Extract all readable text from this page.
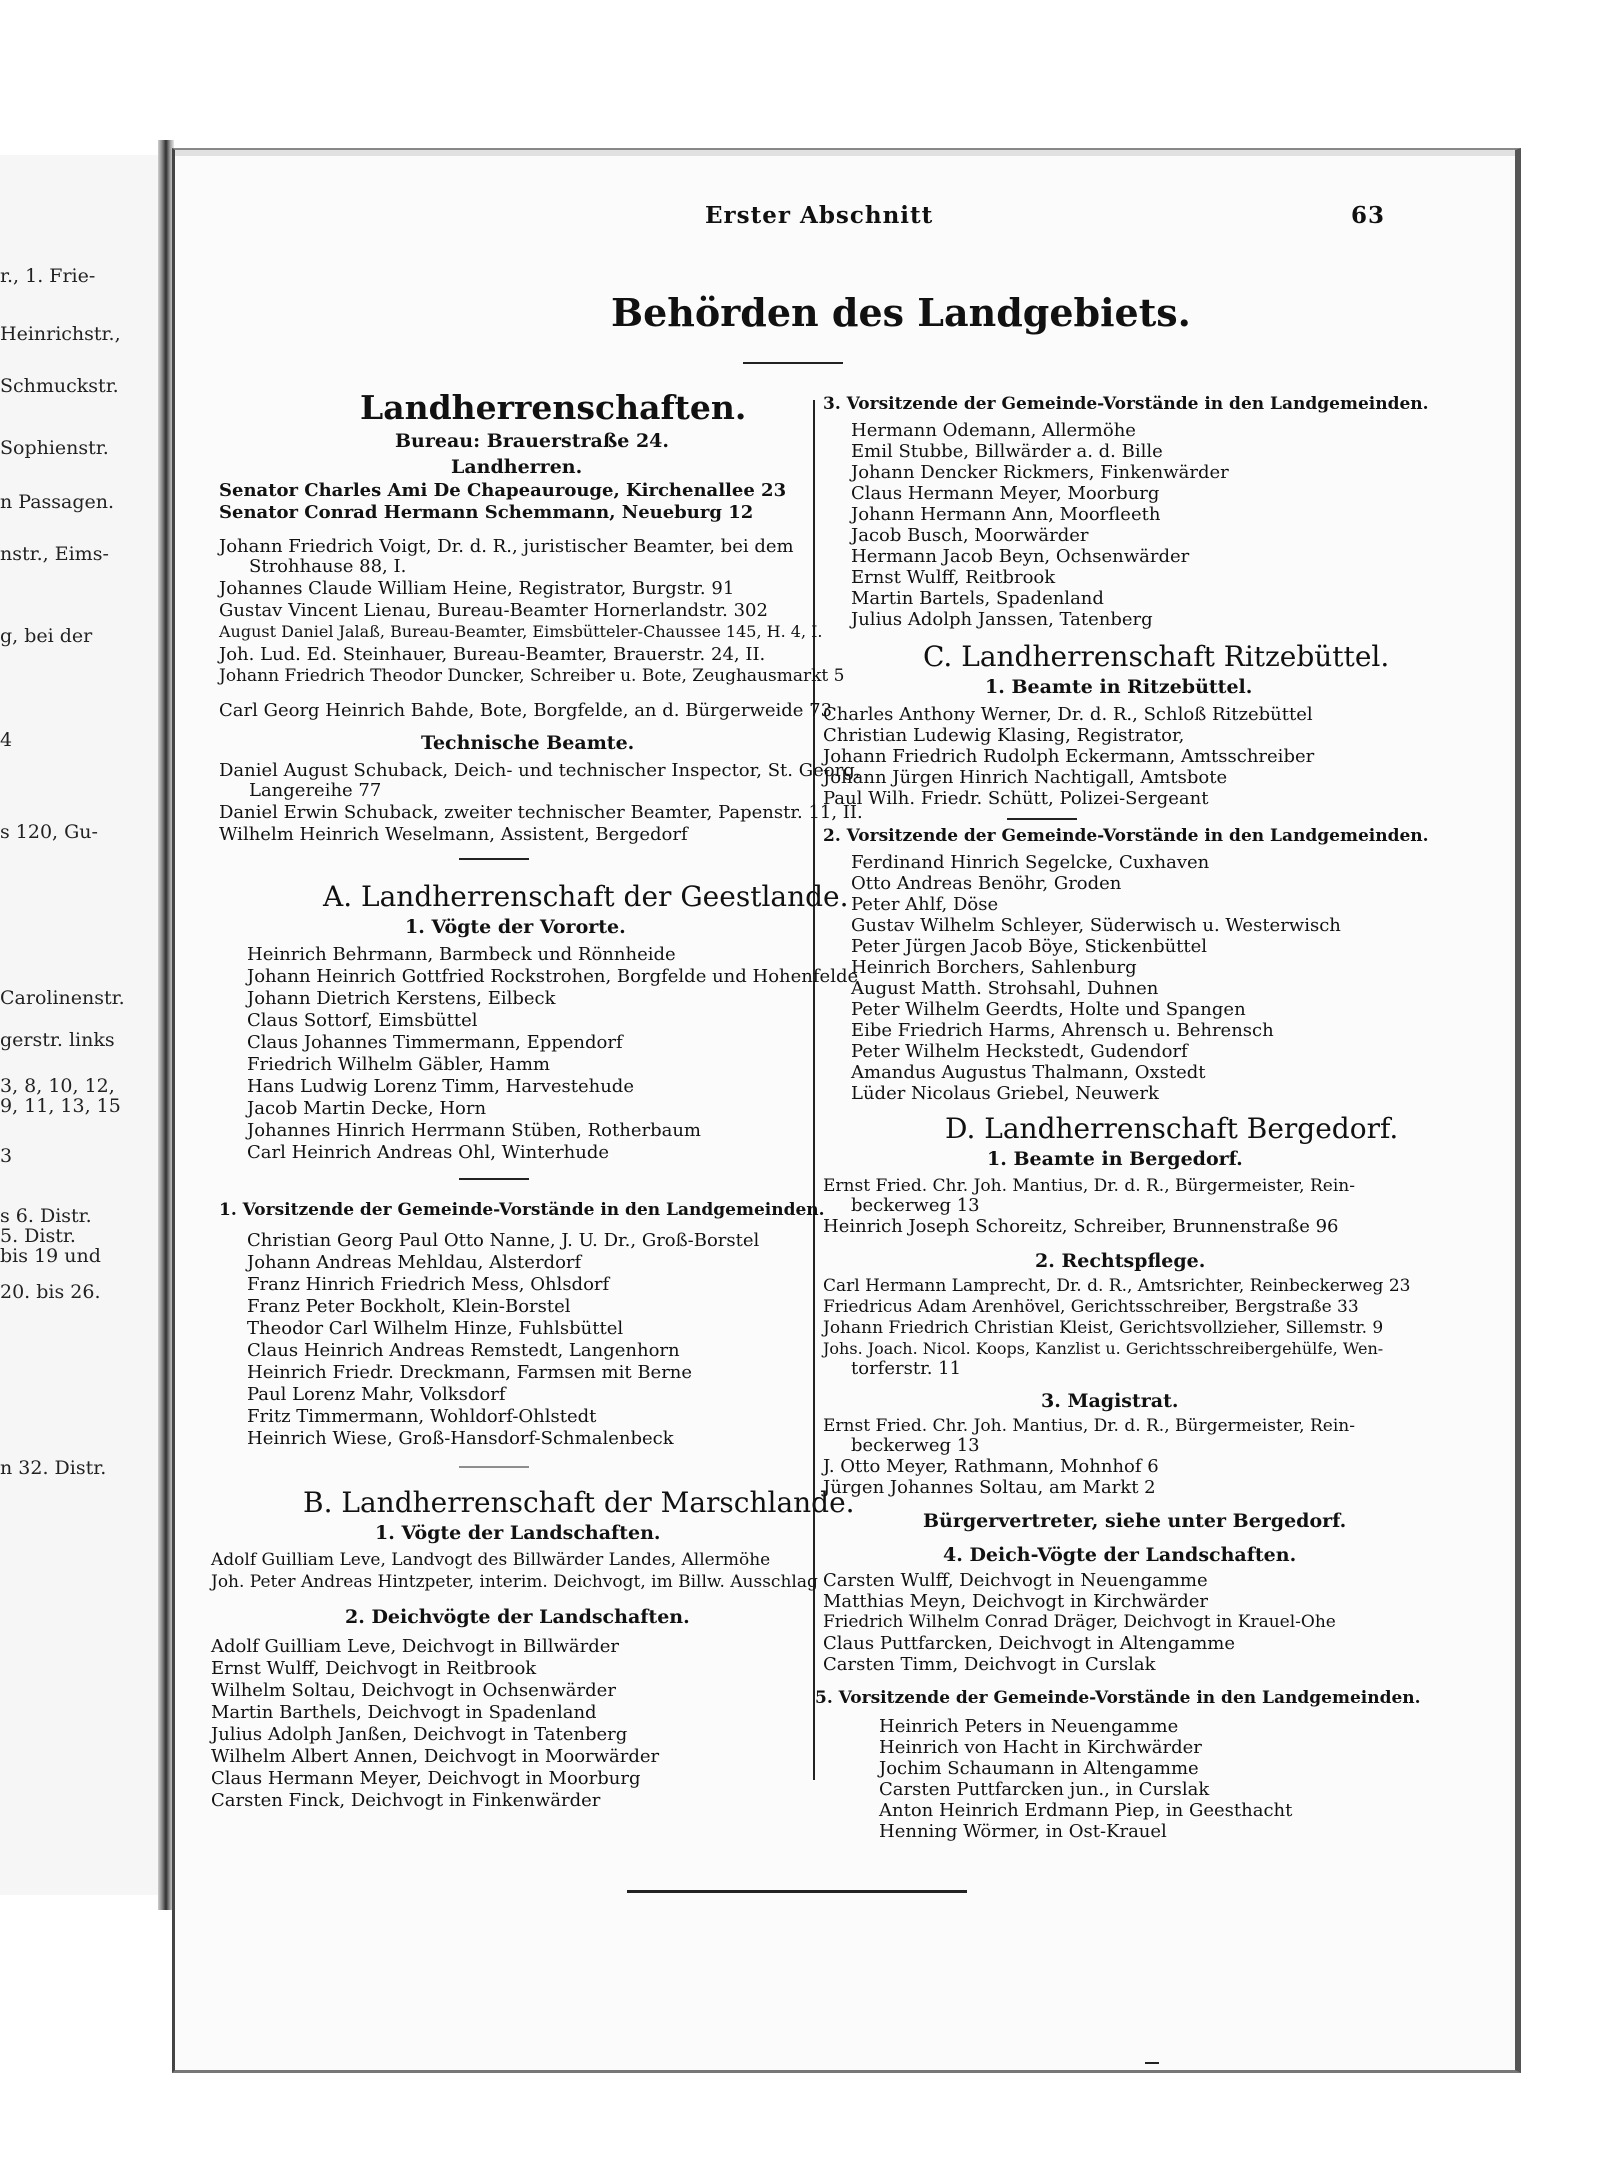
r., 1. Frie-
Heinrichstr.,
Schmuckstr.
Sophienstr.
n Passagen.
nstr., Eims-
g, bei der
4
s 120, Gu-
Carolinenstr.
gerstr. links
3, 8, 10, 12,
9, 11, 13, 15
3
s 6. Distr.
5. Distr.
bis 19 und
20. bis 26.
n 32. Distr.
Erster Abschnitt	63
Behörden des Landgebiets.
Landherrenschaften.
Bureau: Brauerstraße 24.
Landherren.
Senator Charles Ami De Chapeaurouge, Kirchenallee 23
Senator Conrad Hermann Schemmann, Neueburg 12
Johann Friedrich Voigt, Dr. d. R., juristischer Beamter, bei dem
Strohhause 88, I.
Johannes Claude William Heine, Registrator, Burgstr. 91
Gustav Vincent Lienau, Bureau-Beamter Hornerlandstr. 302
August Daniel Jalaß, Bureau-Beamter, Eimsbütteler-Chaussee 145, H. 4, I.
Joh. Lud. Ed. Steinhauer, Bureau-Beamter, Brauerstr. 24, II.
Johann Friedrich Theodor Duncker, Schreiber u. Bote, Zeughausmarkt 5
Carl Georg Heinrich Bahde, Bote, Borgfelde, an d. Bürgerweide 73
Technische Beamte.
Daniel August Schuback, Deich- und technischer Inspector, St. Georg,
Langereihe 77
Daniel Erwin Schuback, zweiter technischer Beamter, Papenstr. 11, II.
Wilhelm Heinrich Weselmann, Assistent, Bergedorf
A. Landherrenschaft der Geestlande.
1. Vögte der Vororte.
Heinrich Behrmann, Barmbeck und Rönnheide
Johann Heinrich Gottfried Rockstrohen, Borgfelde und Hohenfelde
Johann Dietrich Kerstens, Eilbeck
Claus Sottorf, Eimsbüttel
Claus Johannes Timmermann, Eppendorf
Friedrich Wilhelm Gäbler, Hamm
Hans Ludwig Lorenz Timm, Harvestehude
Jacob Martin Decke, Horn
Johannes Hinrich Herrmann Stüben, Rotherbaum
Carl Heinrich Andreas Ohl, Winterhude
1. Vorsitzende der Gemeinde-Vorstände in den Landgemeinden.
Christian Georg Paul Otto Nanne, J. U. Dr., Groß-Borstel
Johann Andreas Mehldau, Alsterdorf
Franz Hinrich Friedrich Mess, Ohlsdorf
Franz Peter Bockholt, Klein-Borstel
Theodor Carl Wilhelm Hinze, Fuhlsbüttel
Claus Heinrich Andreas Remstedt, Langenhorn
Heinrich Friedr. Dreckmann, Farmsen mit Berne
Paul Lorenz Mahr, Volksdorf
Fritz Timmermann, Wohldorf-Ohlstedt
Heinrich Wiese, Groß-Hansdorf-Schmalenbeck
B. Landherrenschaft der Marschlande.
1. Vögte der Landschaften.
Adolf Guilliam Leve, Landvogt des Billwärder Landes, Allermöhe
Joh. Peter Andreas Hintzpeter, interim. Deichvogt, im Billw. Ausschlag
2. Deichvögte der Landschaften.
Adolf Guilliam Leve, Deichvogt in Billwärder
Ernst Wulff, Deichvogt in Reitbrook
Wilhelm Soltau, Deichvogt in Ochsenwärder
Martin Barthels, Deichvogt in Spadenland
Julius Adolph Janßen, Deichvogt in Tatenberg
Wilhelm Albert Annen, Deichvogt in Moorwärder
Claus Hermann Meyer, Deichvogt in Moorburg
Carsten Finck, Deichvogt in Finkenwärder
3. Vorsitzende der Gemeinde-Vorstände in den Landgemeinden.
Hermann Odemann, Allermöhe
Emil Stubbe, Billwärder a. d. Bille
Johann Dencker Rickmers, Finkenwärder
Claus Hermann Meyer, Moorburg
Johann Hermann Ann, Moorfleeth
Jacob Busch, Moorwärder
Hermann Jacob Beyn, Ochsenwärder
Ernst Wulff, Reitbrook
Martin Bartels, Spadenland
Julius Adolph Janssen, Tatenberg
C. Landherrenschaft Ritzebüttel.
1. Beamte in Ritzebüttel.
Charles Anthony Werner, Dr. d. R., Schloß Ritzebüttel
Christian Ludewig Klasing, Registrator,
Johann Friedrich Rudolph Eckermann, Amtsschreiber
Johann Jürgen Hinrich Nachtigall, Amtsbote
Paul Wilh. Friedr. Schütt, Polizei-Sergeant
2. Vorsitzende der Gemeinde-Vorstände in den Landgemeinden.
Ferdinand Hinrich Segelcke, Cuxhaven
Otto Andreas Benöhr, Groden
Peter Ahlf, Döse
Gustav Wilhelm Schleyer, Süderwisch u. Westerwisch
Peter Jürgen Jacob Böye, Stickenbüttel
Heinrich Borchers, Sahlenburg
August Matth. Strohsahl, Duhnen
Peter Wilhelm Geerdts, Holte und Spangen
Eibe Friedrich Harms, Ahrensch u. Behrensch
Peter Wilhelm Heckstedt, Gudendorf
Amandus Augustus Thalmann, Oxstedt
Lüder Nicolaus Griebel, Neuwerk
D. Landherrenschaft Bergedorf.
1. Beamte in Bergedorf.
Ernst Fried. Chr. Joh. Mantius, Dr. d. R., Bürgermeister, Rein-
beckerweg 13
Heinrich Joseph Schoreitz, Schreiber, Brunnenstraße 96
2. Rechtspflege.
Carl Hermann Lamprecht, Dr. d. R., Amtsrichter, Reinbeckerweg 23
Friedricus Adam Arenhövel, Gerichtsschreiber, Bergstraße 33
Johann Friedrich Christian Kleist, Gerichtsvollzieher, Sillemstr. 9
Johs. Joach. Nicol. Koops, Kanzlist u. Gerichtsschreibergehülfe, Wen-
torferstr. 11
3. Magistrat.
Ernst Fried. Chr. Joh. Mantius, Dr. d. R., Bürgermeister, Rein-
beckerweg 13
J. Otto Meyer, Rathmann, Mohnhof 6
Jürgen Johannes Soltau, am Markt 2
Bürgervertreter, siehe unter Bergedorf.
4. Deich-Vögte der Landschaften.
Carsten Wulff, Deichvogt in Neuengamme
Matthias Meyn, Deichvogt in Kirchwärder
Friedrich Wilhelm Conrad Dräger, Deichvogt in Krauel-Ohe
Claus Puttfarcken, Deichvogt in Altengamme
Carsten Timm, Deichvogt in Curslak
5. Vorsitzende der Gemeinde-Vorstände in den Landgemeinden.
Heinrich Peters in Neuengamme
Heinrich von Hacht in Kirchwärder
Jochim Schaumann in Altengamme
Carsten Puttfarcken jun., in Curslak
Anton Heinrich Erdmann Piep, in Geesthacht
Henning Wörmer, in Ost-Krauel
